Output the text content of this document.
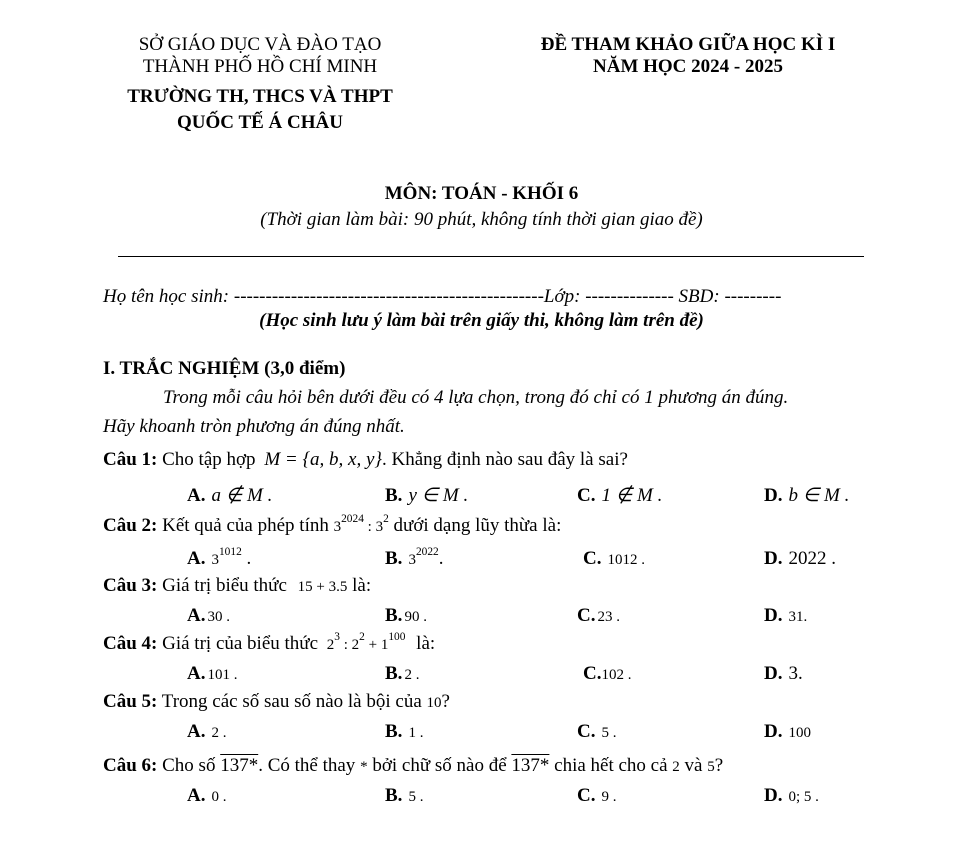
SỞ GIÁO DỤC VÀ ĐÀO TẠO
THÀNH PHỐ HỒ CHÍ MINH
TRƯỜNG TH, THCS VÀ THPT
QUỐC TẾ Á CHÂU
ĐỀ THAM KHẢO GIỮA HỌC KÌ I
NĂM HỌC 2024 - 2025
MÔN: TOÁN - KHỐI 6
(Thời gian làm bài: 90 phút, không tính thời gian giao đề)
Họ tên học sinh: -------------------------------------------------Lớp: -------------- SBD: ---------
(Học sinh lưu ý làm bài trên giấy thi, không làm trên đề)
I. TRẮC NGHIỆM (3,0 điểm)
Trong mỗi câu hỏi bên dưới đều có 4 lựa chọn, trong đó chỉ có 1 phương án đúng.
Hãy khoanh tròn phương án đúng nhất.
Câu 1: Cho tập hợp M = {a, b, x, y}. Khẳng định nào sau đây là sai?
A. a ∉ M .	B. y ∈ M .	C. 1 ∉ M .	D. b ∈ M .
Câu 2: Kết quả của phép tính $3^{2024}$ : $3^2$ dưới dạng lũy thừa là:
A. $3^{1012}$ .	B. $3^{2022}$.	C. 1012 .	D. 2022 .
Câu 3: Giá trị biểu thức 15 + 3.5 là:
A. 30 .	B. 90 .	C. 23 .	D. 31.
Câu 4: Giá trị của biểu thức $2^3$ : $2^2 + 1^{100}$ là:
A. 101 .	B. 2 .	C.102 .	D. 3.
Câu 5: Trong các số sau số nào là bội của 10?
A. 2 .	B. 1 .	C. 5 .	D. 100
Câu 6: Cho số 137*. Có thể thay * bởi chữ số nào để 137* chia hết cho cả 2 và 5?
A. 0 .	B. 5 .	C. 9 .	D. 0; 5 .
